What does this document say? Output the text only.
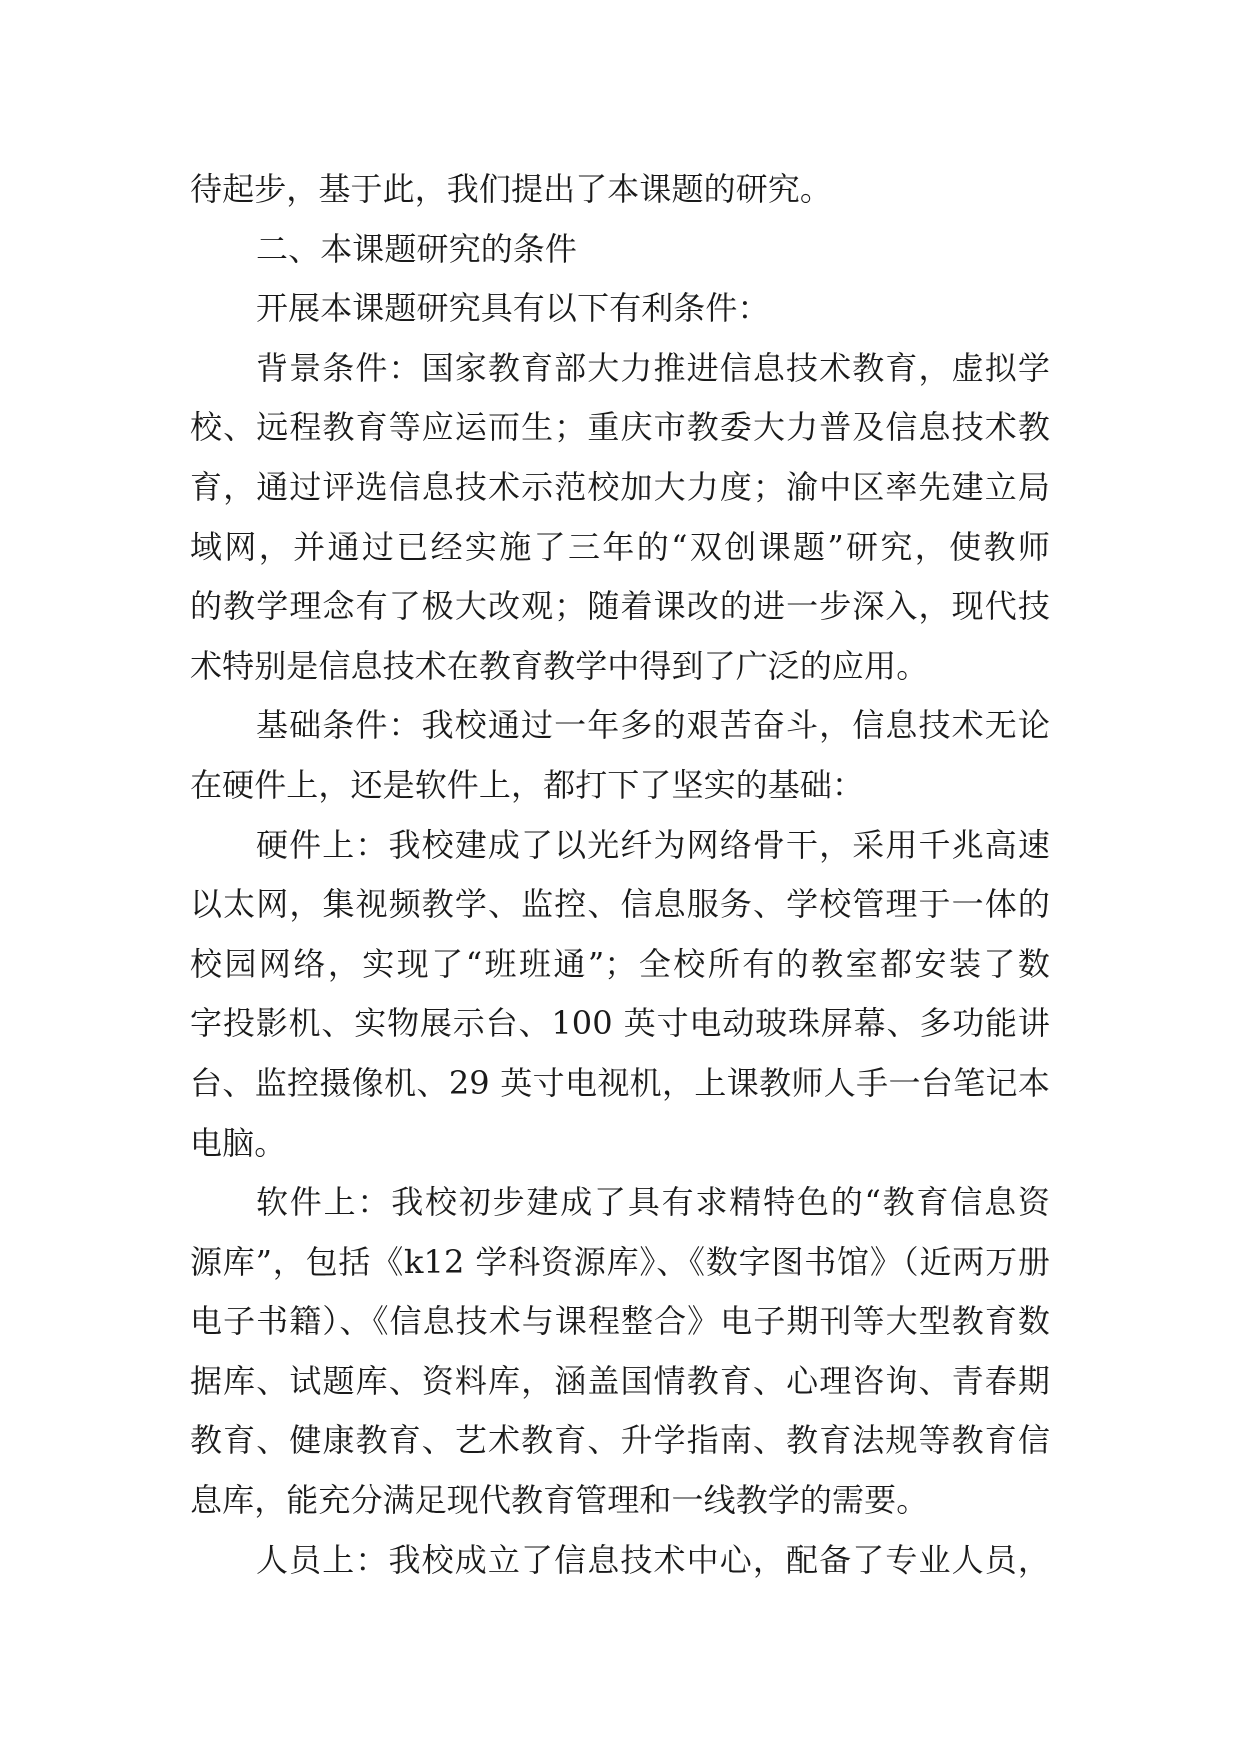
待起步，基于此，我们提出了本课题的研究。
二、本课题研究的条件
开展本课题研究具有以下有利条件：
背景条件：国家教育部大力推进信息技术教育，虚拟学
校、远程教育等应运而生；重庆市教委大力普及信息技术教
育，通过评选信息技术示范校加大力度；渝中区率先建立局
域网，并通过已经实施了三年的“双创课题”研究，使教师
的教学理念有了极大改观；随着课改的进一步深入，现代技
术特别是信息技术在教育教学中得到了广泛的应用。
基础条件：我校通过一年多的艰苦奋斗，信息技术无论
在硬件上，还是软件上，都打下了坚实的基础：
硬件上：我校建成了以光纤为网络骨干，采用千兆高速
以太网，集视频教学、监控、信息服务、学校管理于一体的
校园网络，实现了“班班通”；全校所有的教室都安装了数
字投影机、实物展示台、100 英寸电动玻珠屏幕、多功能讲
台、监控摄像机、29 英寸电视机，上课教师人手一台笔记本
电脑。
软件上：我校初步建成了具有求精特色的“教育信息资
源库”，包括《k12 学科资源库》、《数字图书馆》（近两万册
电子书籍）、《信息技术与课程整合》电子期刊等大型教育数
据库、试题库、资料库，涵盖国情教育、心理咨询、青春期
教育、健康教育、艺术教育、升学指南、教育法规等教育信
息库，能充分满足现代教育管理和一线教学的需要。
人员上：我校成立了信息技术中心，配备了专业人员，
